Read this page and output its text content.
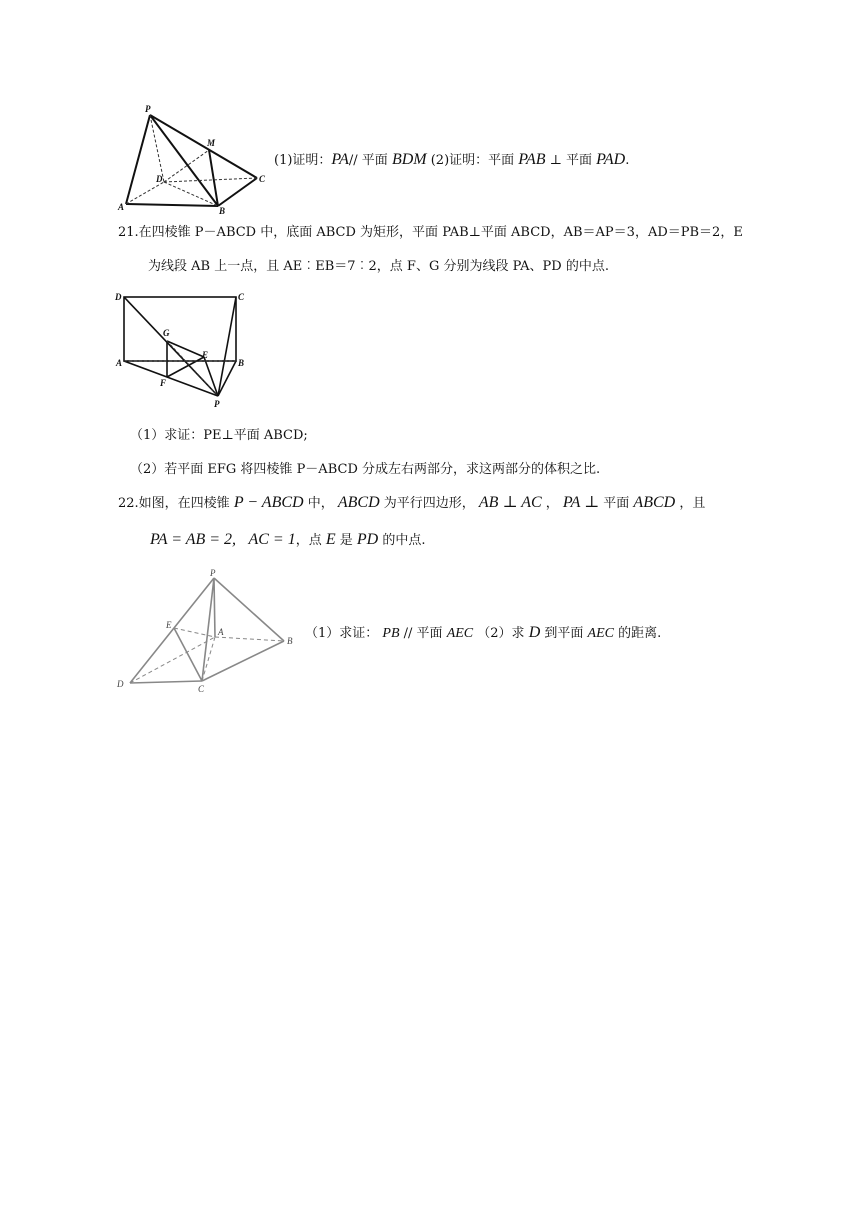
P
M
D	C
A	B
(1)证明：PA// 平面 BDM (2)证明：平面 PAB ⊥ 平面 PAD.
21.在四棱锥 P－ABCD 中，底面 ABCD 为矩形，平面 PAB⊥平面 ABCD，AB＝AP＝3，AD＝PB＝2，E
为线段 AB 上一点，且 AE︰EB＝7︰2，点 F、G 分别为线段 PA、PD 的中点.
D	C
G
E
A	B
F
P
（1）求证：PE⊥平面 ABCD;
（2）若平面 EFG 将四棱锥 P－ABCD 分成左右两部分，求这两部分的体积之比.
22.如图，在四棱锥 P − ABCD 中， ABCD 为平行四边形， AB ⊥ AC ， PA ⊥ 平面 ABCD ，且
PA = AB = 2, AC = 1，点 E 是 PD 的中点.
P
E
A
B
D	C
（1）求证： PB // 平面 AEC （2）求 D 到平面 AEC 的距离.
